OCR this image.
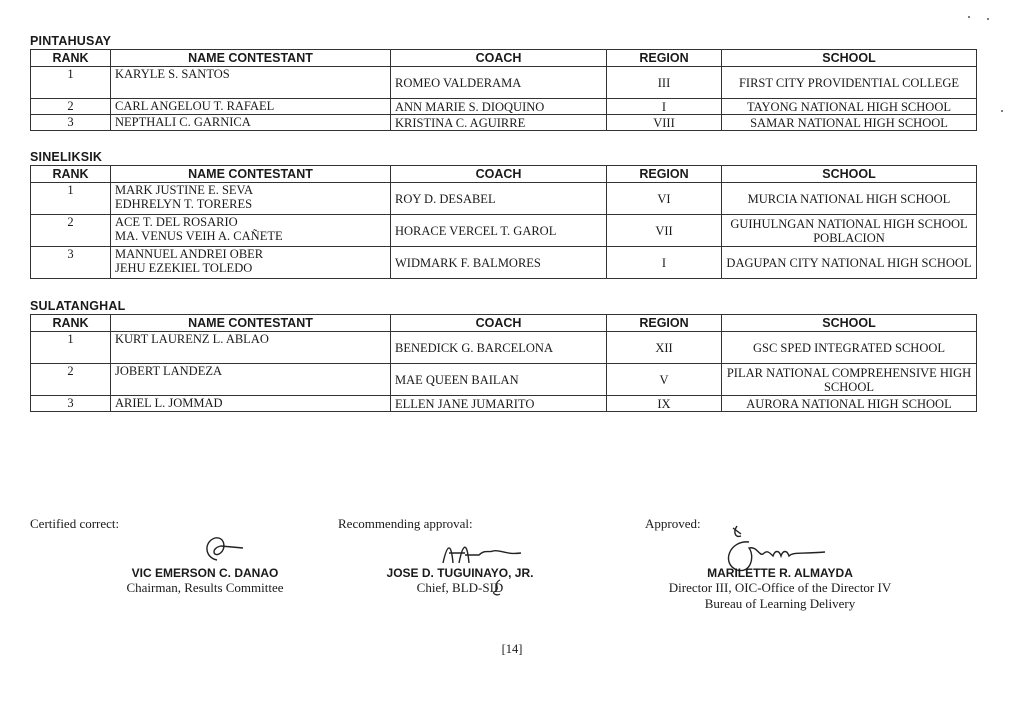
PINTAHUSAY
RANK	NAME CONTESTANT	COACH	REGION	SCHOOL
1	KARYLE S. SANTOS	ROMEO VALDERAMA	III	FIRST CITY PROVIDENTIAL COLLEGE
2	CARL ANGELOU T. RAFAEL	ANN MARIE S. DIOQUINO	I	TAYONG NATIONAL HIGH SCHOOL
3	NEPTHALI C. GARNICA	KRISTINA C. AGUIRRE	VIII	SAMAR NATIONAL HIGH SCHOOL
SINELIKSIK
RANK	NAME CONTESTANT	COACH	REGION	SCHOOL
1	MARK JUSTINE E. SEVA
EDHRELYN T. TORERES	ROY D. DESABEL	VI	MURCIA NATIONAL HIGH SCHOOL
2	ACE T. DEL ROSARIO
MA. VENUS VEIH A. CAÑETE	HORACE VERCEL T. GAROL	VII	GUIHULNGAN NATIONAL HIGH SCHOOL POBLACION
3	MANNUEL ANDREI OBER
JEHU EZEKIEL TOLEDO	WIDMARK F. BALMORES	I	DAGUPAN CITY NATIONAL HIGH SCHOOL
SULATANGHAL
RANK	NAME CONTESTANT	COACH	REGION	SCHOOL
1	KURT LAURENZ L. ABLAO	BENEDICK G. BARCELONA	XII	GSC SPED INTEGRATED SCHOOL
2	JOBERT LANDEZA	MAE QUEEN BAILAN	V	PILAR NATIONAL COMPREHENSIVE HIGH SCHOOL
3	ARIEL L. JOMMAD	ELLEN JANE JUMARITO	IX	AURORA NATIONAL HIGH SCHOOL
Certified correct:	Recommending approval:	Approved:
VIC EMERSON C. DANAO
Chairman, Results Committee
JOSE D. TUGUINAYO, JR.
Chief, BLD-SID
MARILETTE R. ALMAYDA
Director III, OIC-Office of the Director IV
Bureau of Learning Delivery
[14]
